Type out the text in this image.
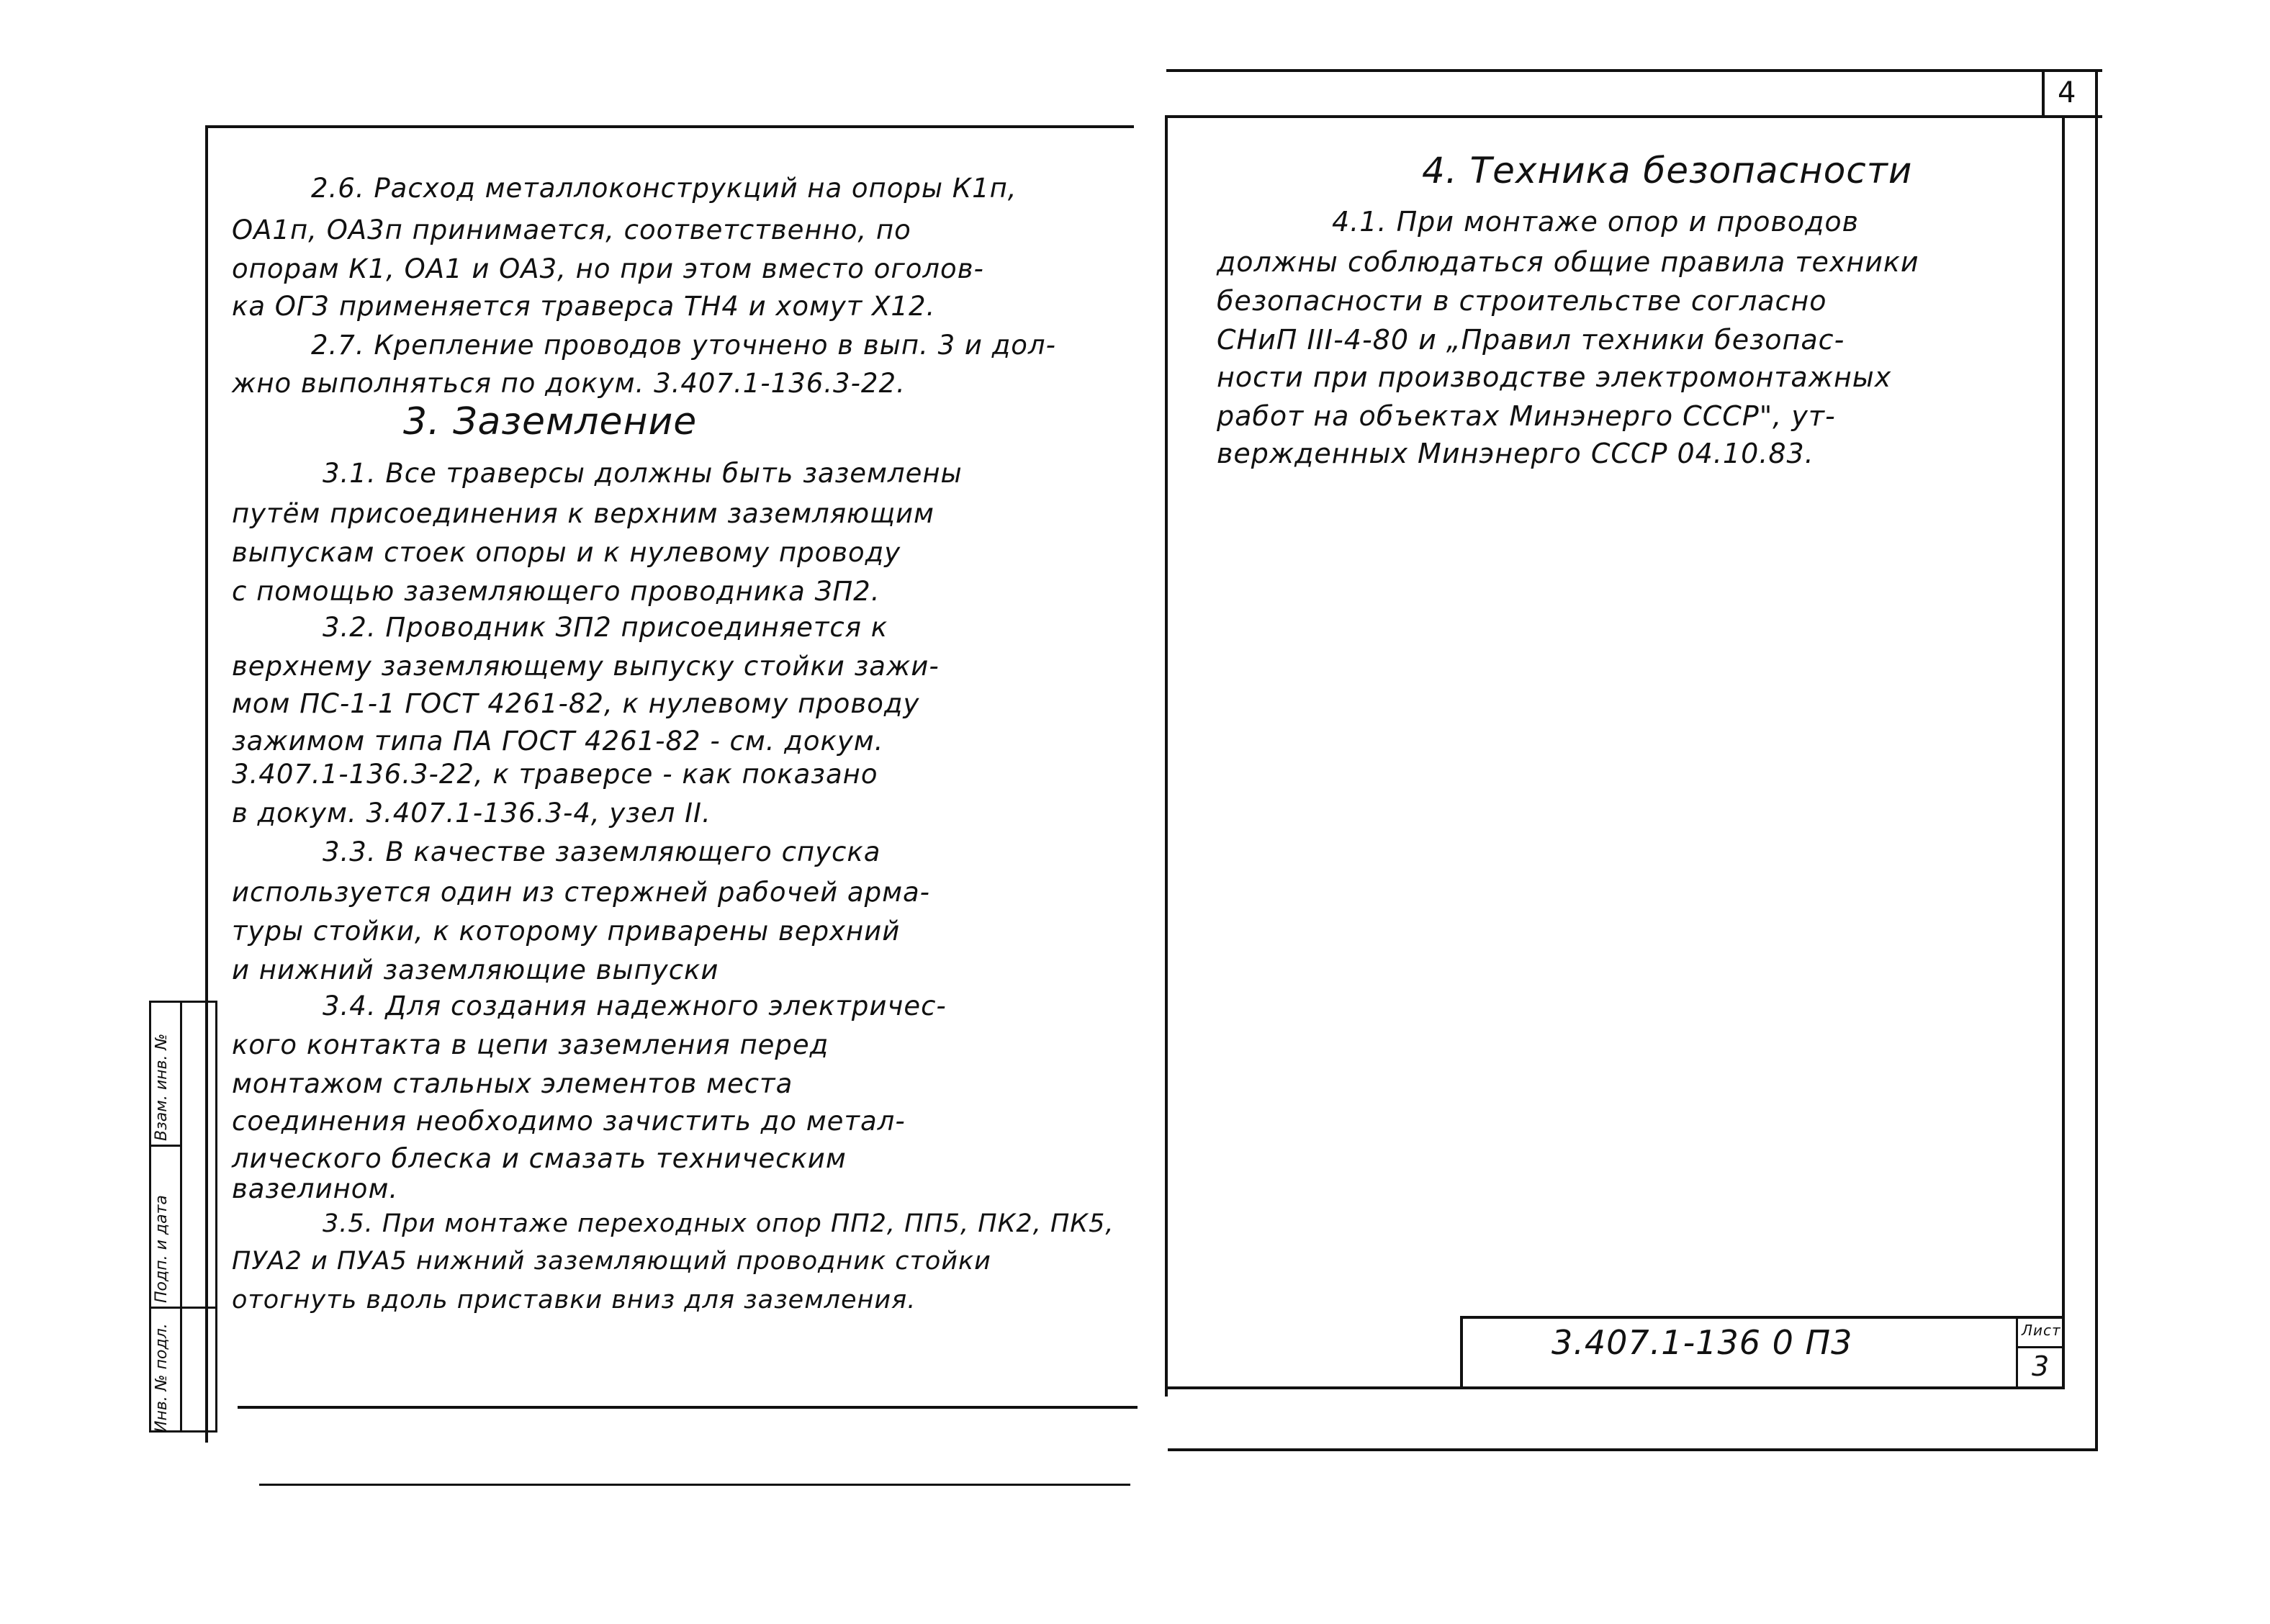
Инв. № подл.
Подп. и дата
Взам. инв. №
2.6. Расход металлоконструкций на опоры К1п,
ОА1п, ОА3п принимается, соответственно, по
опорам К1, ОА1 и ОА3, но при этом вместо оголов-
ка ОГ3 применяется траверса ТН4 и хомут Х12.
2.7. Крепление проводов уточнено в вып. 3 и дол-
жно выполняться по докум. 3.407.1-136.3-22.
3. Заземление
3.1. Все траверсы должны быть заземлены
путём присоединения к верхним заземляющим
выпускам стоек опоры и к нулевому проводу
с помощью заземляющего проводника ЗП2.
3.2. Проводник ЗП2 присоединяется к
верхнему заземляющему выпуску стойки зажи-
мом ПС-1-1 ГОСТ 4261-82, к нулевому проводу
зажимом типа ПА ГОСТ 4261-82 - см. докум.
3.407.1-136.3-22, к траверсе - как показано
в докум. 3.407.1-136.3-4, узел II.
3.3. В качестве заземляющего спуска
используется один из стержней рабочей арма-
туры стойки, к которому приварены верхний
и нижний заземляющие выпуски
3.4. Для создания надежного электричес-
кого контакта в цепи заземления перед
монтажом стальных элементов места
соединения необходимо зачистить до метал-
лического блеска и смазать техническим
вазелином.
3.5. При монтаже переходных опор ПП2, ПП5, ПК2, ПК5,
ПУА2 и ПУА5 нижний заземляющий проводник стойки
отогнуть вдоль приставки вниз для заземления.
4
4. Техника безопасности
4.1. При монтаже опор и проводов
должны соблюдаться общие правила техники
безопасности в строительстве согласно
СНиП III-4-80 и „Правил техники безопас-
ности при производстве электромонтажных
работ на объектах Минэнерго СССР", ут-
вержденных Минэнерго СССР 04.10.83.
3.407.1-136 0 П3	Лист
3
